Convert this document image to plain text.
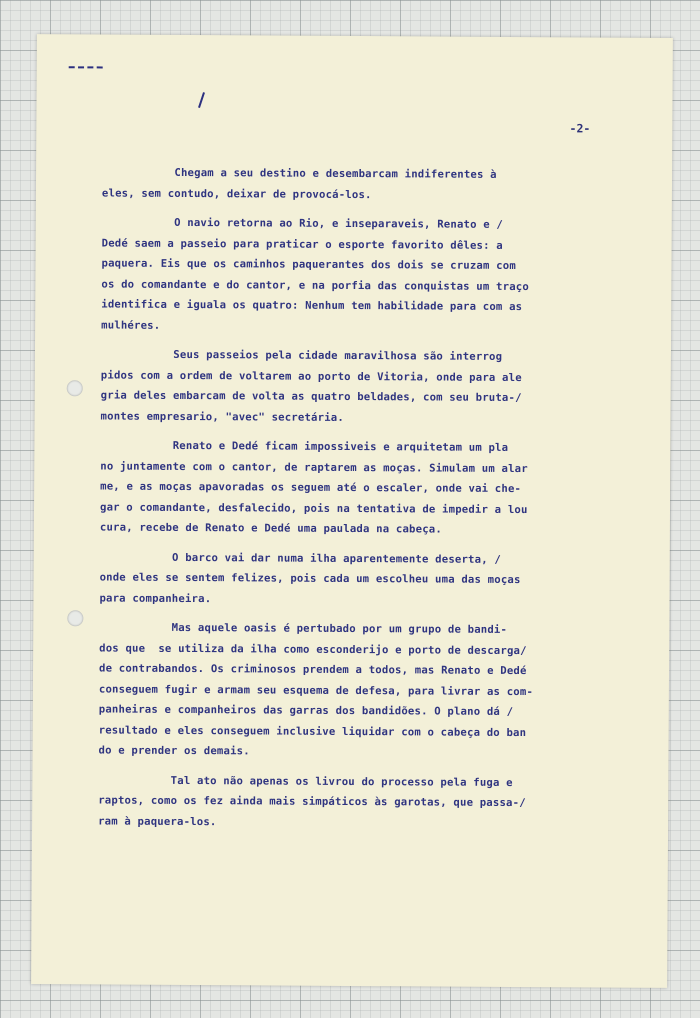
-2-
Chegam a seu destino e desembarcam indiferentes à
eles, sem contudo, deixar de provocá-los.
O navio retorna ao Rio, e inseparaveis, Renato e /
Dedé saem a passeio para praticar o esporte favorito dêles: a
paquera. Eis que os caminhos paquerantes dos dois se cruzam com
os do comandante e do cantor, e na porfia das conquistas um traço
identifica e iguala os quatro: Nenhum tem habilidade para com as
mulhéres.
Seus passeios pela cidade maravilhosa são interrog
pidos com a ordem de voltarem ao porto de Vitoria, onde para ale
gria deles embarcam de volta as quatro beldades, com seu bruta-/
montes empresario, "avec" secretária.
Renato e Dedé ficam impossiveis e arquitetam um pla
no juntamente com o cantor, de raptarem as moças. Simulam um alar
me, e as moças apavoradas os seguem até o escaler, onde vai che-
gar o comandante, desfalecido, pois na tentativa de impedir a lou
cura, recebe de Renato e Dedé uma paulada na cabeça.
O barco vai dar numa ilha aparentemente deserta, /
onde eles se sentem felizes, pois cada um escolheu uma das moças
para companheira.
Mas aquele oasis é pertubado por um grupo de bandi-
dos que  se utiliza da ilha como esconderijo e porto de descarga/
de contrabandos. Os criminosos prendem a todos, mas Renato e Dedé
conseguem fugir e armam seu esquema de defesa, para livrar as com-
panheiras e companheiros das garras dos bandidões. O plano dá /
resultado e eles conseguem inclusive liquidar com o cabeça do ban
do e prender os demais.
Tal ato não apenas os livrou do processo pela fuga e
raptos, como os fez ainda mais simpáticos às garotas, que passa-/
ram à paquera-los.
